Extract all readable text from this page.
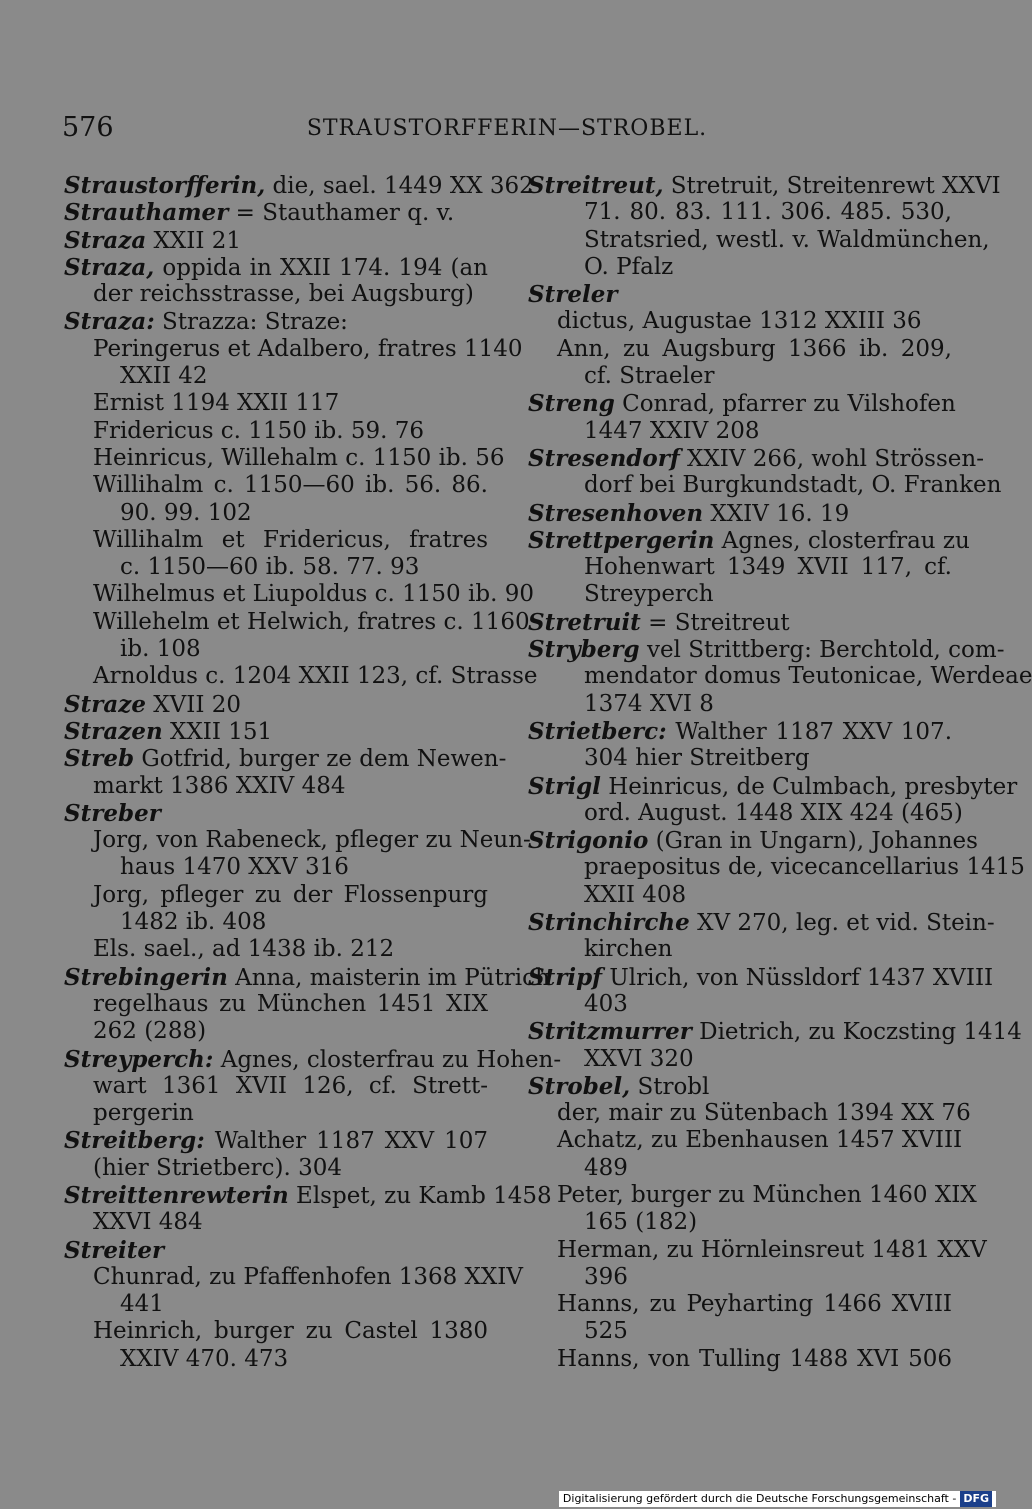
576	STRAUSTORFFERIN—STROBEL.
Straustorfferin, die, sael. 1449 XX 362
Strauthamer = Stauthamer q. v.
Straza XXII 21
Straza, oppida in XXII 174. 194 (an
der reichsstrasse, bei Augsburg)
Straza: Strazza: Straze:
Peringerus et Adalbero, fratres 1140
XXII 42
Ernist 1194 XXII 117
Fridericus c. 1150 ib. 59. 76
Heinricus, Willehalm c. 1150 ib. 56
Willihalm c. 1150—60 ib. 56. 86.
90. 99. 102
Willihalm et Fridericus, fratres
c. 1150—60 ib. 58. 77. 93
Wilhelmus et Liupoldus c. 1150 ib. 90
Willehelm et Helwich, fratres c. 1160
ib. 108
Arnoldus c. 1204 XXII 123, cf. Strasse
Straze XVII 20
Strazen XXII 151
Streb Gotfrid, burger ze dem Newen-
markt 1386 XXIV 484
Streber
Jorg, von Rabeneck, pfleger zu Neun-
haus 1470 XXV 316
Jorg, pfleger zu der Flossenpurg
1482 ib. 408
Els. sael., ad 1438 ib. 212
Strebingerin Anna, maisterin im Pütrich
regelhaus zu München 1451 XIX
262 (288)
Streyperch: Agnes, closterfrau zu Hohen-
wart 1361 XVII 126, cf. Strett-
pergerin
Streitberg: Walther 1187 XXV 107
(hier Strietberc). 304
Streittenrewterin Elspet, zu Kamb 1458
XXVI 484
Streiter
Chunrad, zu Pfaffenhofen 1368 XXIV
441
Heinrich, burger zu Castel 1380
XXIV 470. 473
Streitreut, Stretruit, Streitenrewt XXVI
71. 80. 83. 111. 306. 485. 530,
Stratsried, westl. v. Waldmünchen,
O. Pfalz
Streler
dictus, Augustae 1312 XXIII 36
Ann, zu Augsburg 1366 ib. 209,
cf. Straeler
Streng Conrad, pfarrer zu Vilshofen
1447 XXIV 208
Stresendorf XXIV 266, wohl Strössen-
dorf bei Burgkundstadt, O. Franken
Stresenhoven XXIV 16. 19
Strettpergerin Agnes, closterfrau zu
Hohenwart 1349 XVII 117, cf.
Streyperch
Stretruit = Streitreut
Stryberg vel Strittberg: Berchtold, com-
mendator domus Teutonicae, Werdeae
1374 XVI 8
Strietberc: Walther 1187 XXV 107.
304 hier Streitberg
Strigl Heinricus, de Culmbach, presbyter
ord. August. 1448 XIX 424 (465)
Strigonio (Gran in Ungarn), Johannes
praepositus de, vicecancellarius 1415
XXII 408
Strinchirche XV 270, leg. et vid. Stein-
kirchen
Stripf Ulrich, von Nüssldorf 1437 XVIII
403
Stritzmurrer Dietrich, zu Koczsting 1414
XXVI 320
Strobel, Strobl
der, mair zu Sütenbach 1394 XX 76
Achatz, zu Ebenhausen 1457 XVIII
489
Peter, burger zu München 1460 XIX
165 (182)
Herman, zu Hörnleinsreut 1481 XXV
396
Hanns, zu Peyharting 1466 XVIII
525
Hanns, von Tulling 1488 XVI 506
Digitalisierung gefördert durch die Deutsche Forschungsgemeinschaft - DFG
